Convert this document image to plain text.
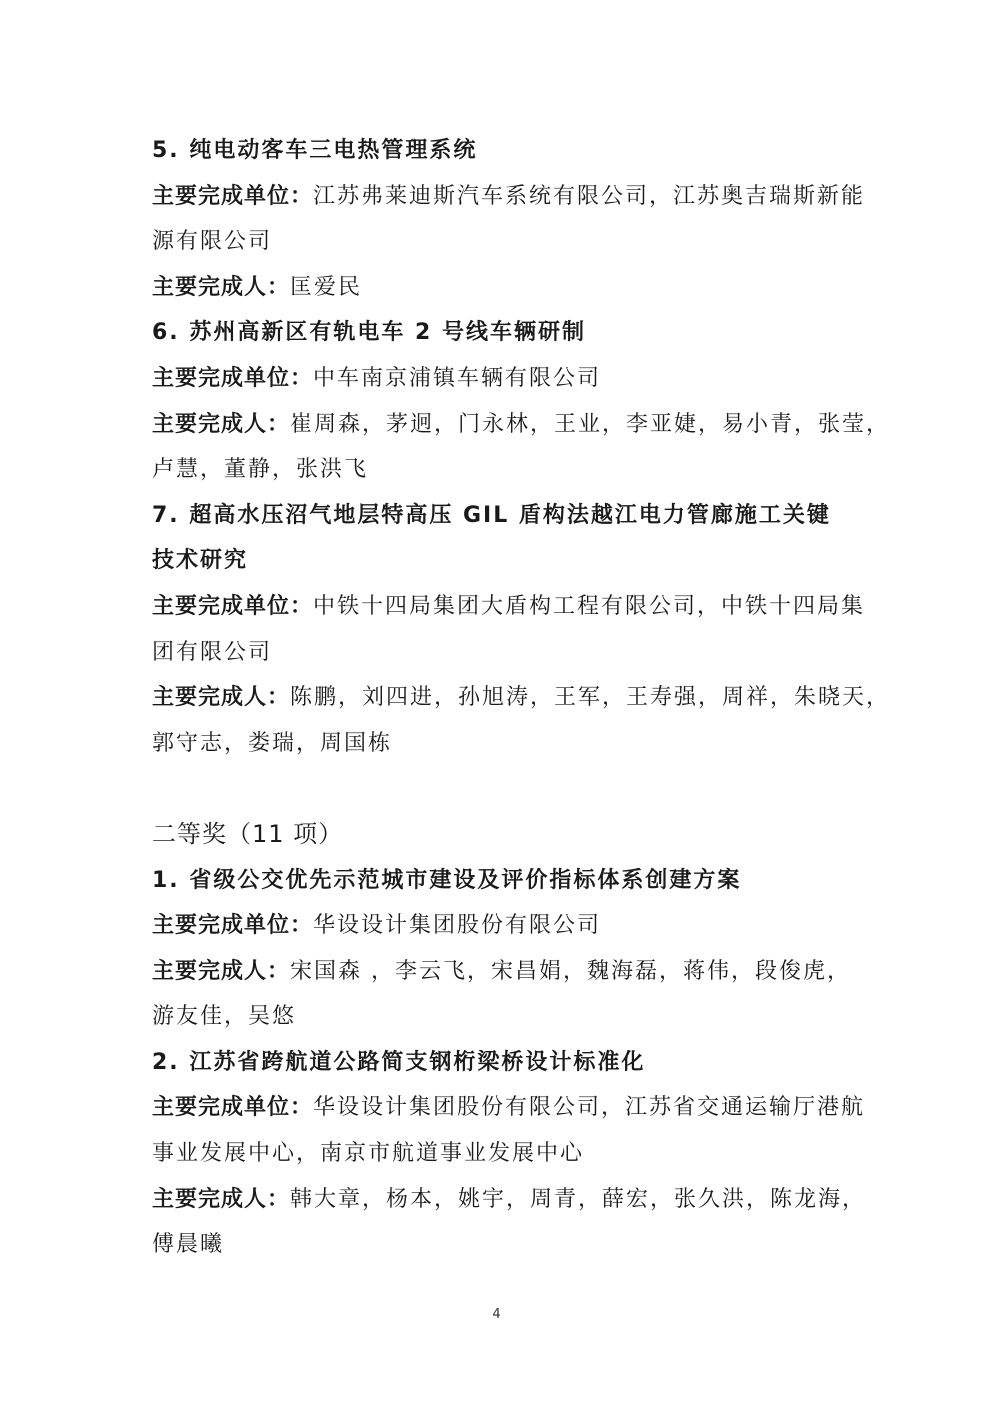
5. 纯电动客车三电热管理系统
主要完成单位：江苏弗莱迪斯汽车系统有限公司，江苏奥吉瑞斯新能
源有限公司
主要完成人：匡爱民
6. 苏州高新区有轨电车 2 号线车辆研制
主要完成单位：中车南京浦镇车辆有限公司
主要完成人：崔周森，茅迥，门永林，王业，李亚婕，易小青，张莹，
卢慧，董静，张洪飞
7. 超高水压沼气地层特高压 GIL 盾构法越江电力管廊施工关键
技术研究
主要完成单位：中铁十四局集团大盾构工程有限公司，中铁十四局集
团有限公司
主要完成人：陈鹏，刘四进，孙旭涛，王军，王寿强，周祥，朱晓天，
郭守志，娄瑞，周国栋
二等奖（11 项）
1. 省级公交优先示范城市建设及评价指标体系创建方案
主要完成单位：华设设计集团股份有限公司
主要完成人：宋国森 ，李云飞，宋昌娟，魏海磊，蒋伟，段俊虎，
游友佳，吴悠
2. 江苏省跨航道公路简支钢桁梁桥设计标准化
主要完成单位：华设设计集团股份有限公司，江苏省交通运输厅港航
事业发展中心，南京市航道事业发展中心
主要完成人：韩大章，杨本，姚宇，周青，薛宏，张久洪，陈龙海，
傅晨曦
4
